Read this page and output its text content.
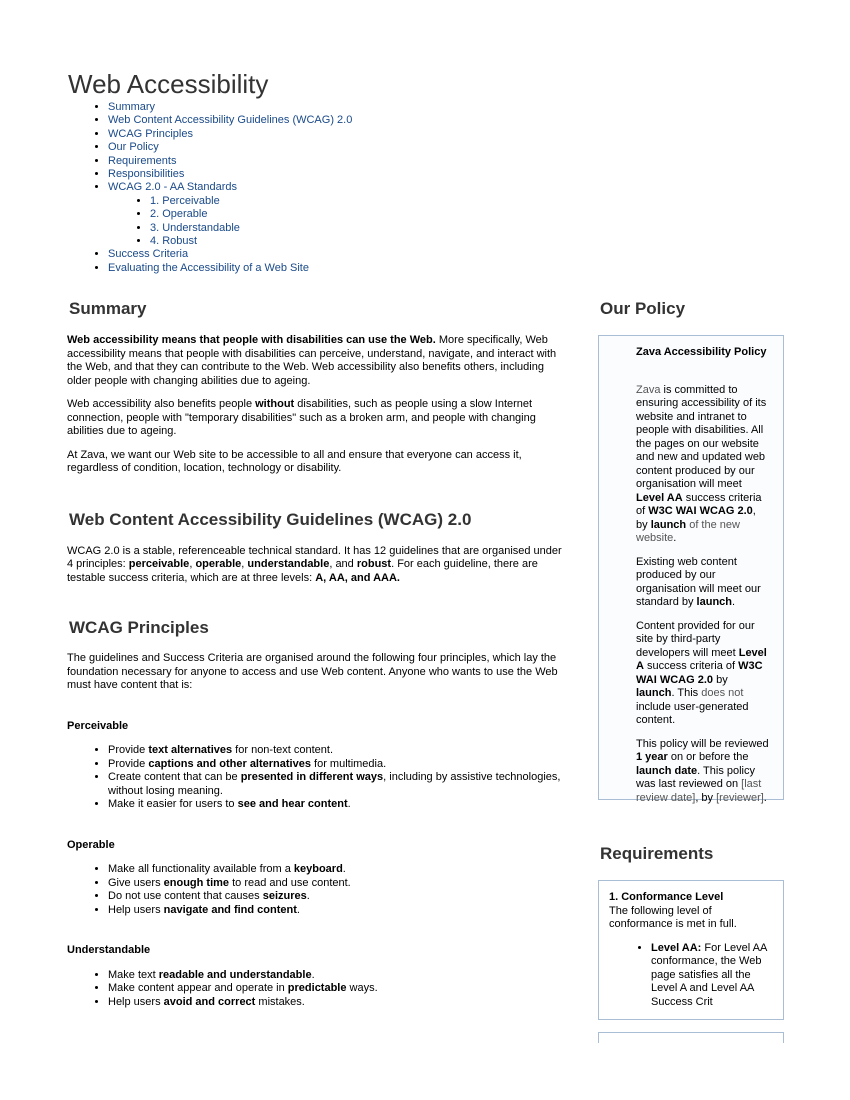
Web Accessibility
• Summary
• Web Content Accessibility Guidelines (WCAG) 2.0
• WCAG Principles
• Our Policy
• Requirements
• Responsibilities
• WCAG 2.0 - AA Standards
• 1. Perceivable
• 2. Operable
• 3. Understandable
• 4. Robust
• Success Criteria
• Evaluating the Accessibility of a Web Site
Summary

Web accessibility means that people with disabilities can use the Web. More specifically, Web accessibility means that people with disabilities can perceive, understand, navigate, and interact with the Web, and that they can contribute to the Web. Web accessibility also benefits others, including older people with changing abilities due to ageing.

Web accessibility also benefits people without disabilities, such as people using a slow Internet connection, people with "temporary disabilities" such as a broken arm, and people with changing abilities due to ageing.

At Zava, we want our Web site to be accessible to all and ensure that everyone can access it, regardless of condition, location, technology or disability.

Web Content Accessibility Guidelines (WCAG) 2.0

WCAG 2.0 is a stable, referenceable technical standard. It has 12 guidelines that are organised under 4 principles: perceivable, operable, understandable, and robust. For each guideline, there are testable success criteria, which are at three levels: A, AA, and AAA.

WCAG Principles

The guidelines and Success Criteria are organised around the following four principles, which lay the foundation necessary for anyone to access and use Web content. Anyone who wants to use the Web must have content that is:

Perceivable

• Provide text alternatives for non-text content.
• Provide captions and other alternatives for multimedia.
• Create content that can be presented in different ways, including by assistive technologies, without losing meaning.
• Make it easier for users to see and hear content.

Operable

• Make all functionality available from a keyboard.
• Give users enough time to read and use content.
• Do not use content that causes seizures.
• Help users navigate and find content.

Understandable

• Make text readable and understandable.
• Make content appear and operate in predictable ways.
• Help users avoid and correct mistakes.
Our Policy

Zava Accessibility Policy

Zava is committed to ensuring accessibility of its website and intranet to people with disabilities. All the pages on our website and new and updated web content produced by our organisation will meet Level AA success criteria of W3C WAI WCAG 2.0, by launch of the new website.

Existing web content produced by our organisation will meet our standard by launch.

Content provided for our site by third-party developers will meet Level A success criteria of W3C WAI WCAG 2.0 by launch. This does not include user-generated content.

This policy will be reviewed 1 year on or before the launch date. This policy was last reviewed on [last review date], by [reviewer].

Requirements

1. Conformance Level

The following level of conformance is met in full.

• Level AA: For Level AA conformance, the Web page satisfies all the Level A and Level AA Success Crit
